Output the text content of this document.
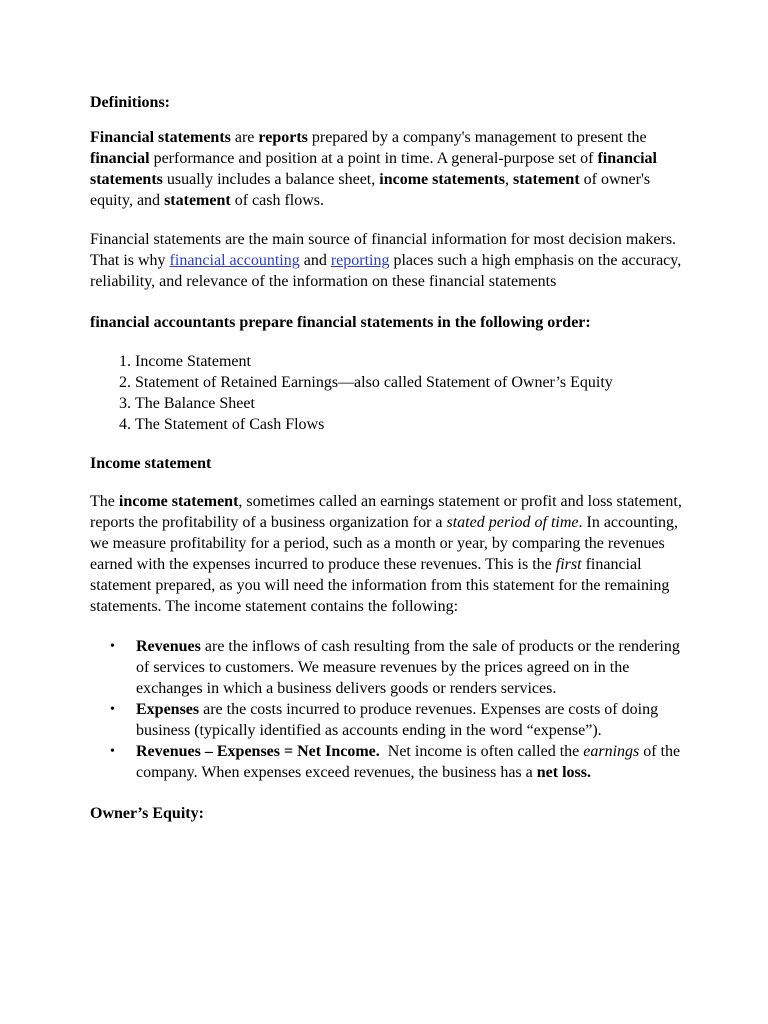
Definitions:

Financial statements are reports prepared by a company's management to present the financial performance and position at a point in time. A general-purpose set of financial statements usually includes a balance sheet, income statements, statement of owner's equity, and statement of cash flows.

Financial statements are the main source of financial information for most decision makers. That is why financial accounting and reporting places such a high emphasis on the accuracy, reliability, and relevance of the information on these financial statements

financial accountants prepare financial statements in the following order:

1. Income Statement
2. Statement of Retained Earnings—also called Statement of Owner’s Equity
3. The Balance Sheet
4. The Statement of Cash Flows

Income statement

The income statement, sometimes called an earnings statement or profit and loss statement, reports the profitability of a business organization for a stated period of time. In accounting, we measure profitability for a period, such as a month or year, by comparing the revenues earned with the expenses incurred to produce these revenues. This is the first financial statement prepared, as you will need the information from this statement for the remaining statements. The income statement contains the following:

• Revenues are the inflows of cash resulting from the sale of products or the rendering of services to customers. We measure revenues by the prices agreed on in the exchanges in which a business delivers goods or renders services.
• Expenses are the costs incurred to produce revenues. Expenses are costs of doing business (typically identified as accounts ending in the word “expense”).
• Revenues – Expenses = Net Income.  Net income is often called the earnings of the company. When expenses exceed revenues, the business has a net loss.

Owner’s Equity:
